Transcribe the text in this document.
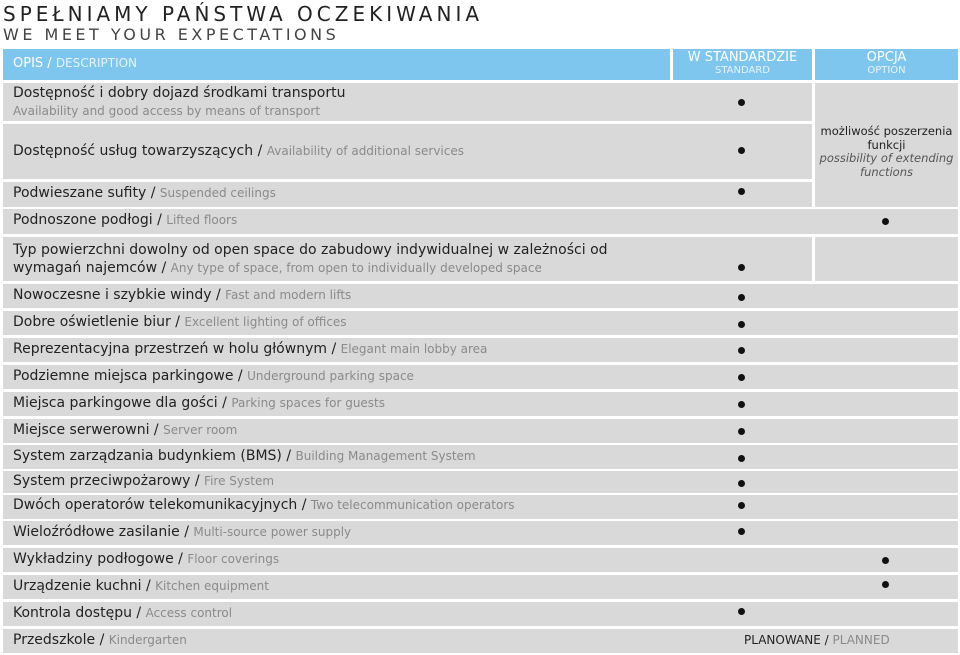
SPEŁNIAMY PAŃSTWA OCZEKIWANIA
WE MEET YOUR EXPECTATIONS
OPIS / DESCRIPTION	W STANDARDZIE
STANDARD
OPCJA
OPTION
Dostępność i dobry dojazd środkami transportu
Availability and good access by means of transport
Dostępność usług towarzyszących / Availability of additional services
możliwość poszerzenia funkcji
possibility of extending functions
Podwieszane sufity / Suspended ceilings
Podnoszone podłogi / Lifted floors
Typ powierzchni dowolny od open space do zabudowy indywidualnej w zależności od
wymagań najemców / Any type of space, from open to individually developed space
Nowoczesne i szybkie windy / Fast and modern lifts
Dobre oświetlenie biur / Excellent lighting of offices
Reprezentacyjna przestrzeń w holu głównym / Elegant main lobby area
Podziemne miejsca parkingowe / Underground parking space
Miejsca parkingowe dla gości / Parking spaces for guests
Miejsce serwerowni / Server room
System zarządzania budynkiem (BMS) / Building Management System
System przeciwpożarowy / Fire System
Dwóch operatorów telekomunikacyjnych / Two telecommunication operators
Wieloźródłowe zasilanie / Multi-source power supply
Wykładziny podłogowe / Floor coverings
Urządzenie kuchni / Kitchen equipment
Kontrola dostępu / Access control
Przedszkole / Kindergarten	PLANOWANE / PLANNED
